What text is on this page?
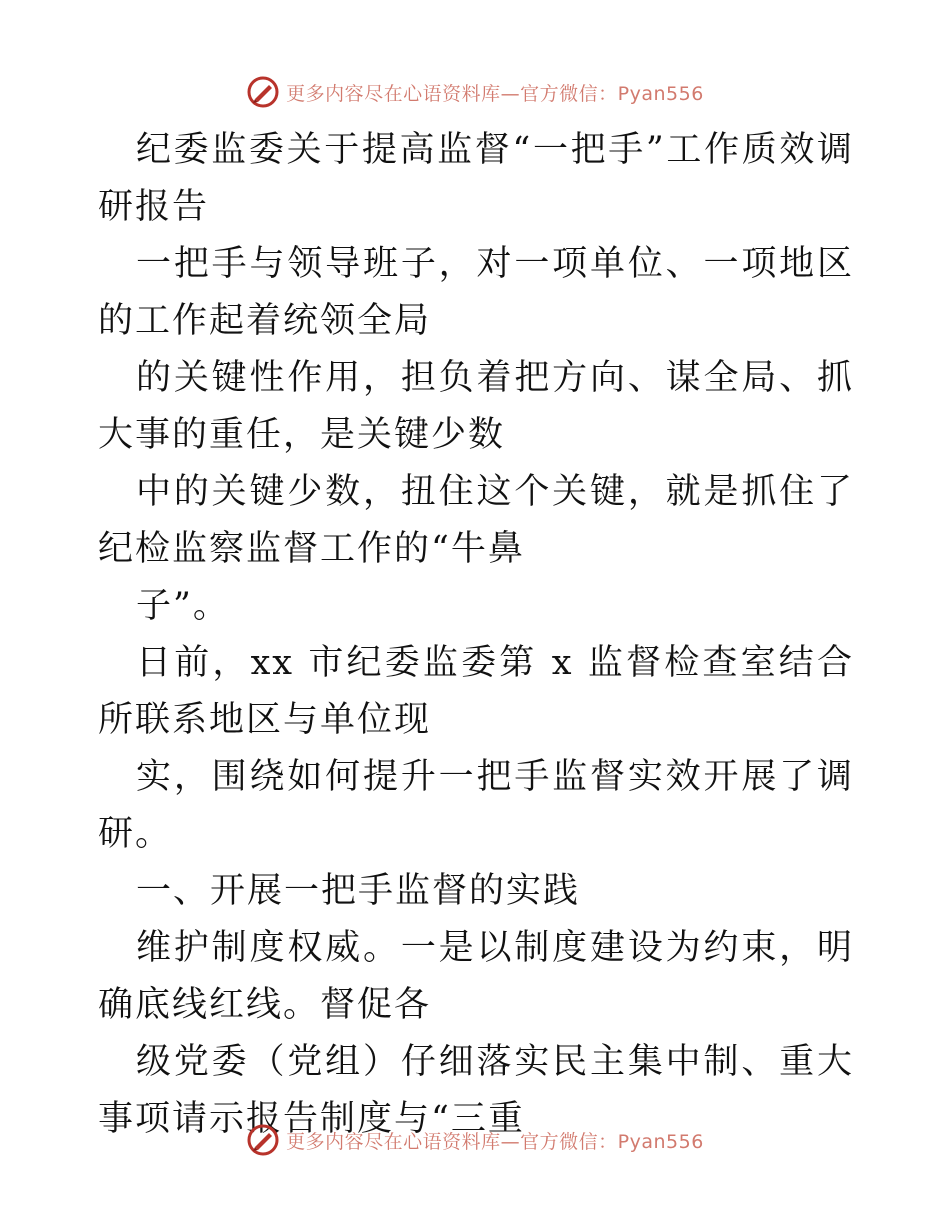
更多内容尽在心语资料库—官方微信：Pyan556

纪委监委关于提高监督“一把手”工作质效调研报告

一把手与领导班子，对一项单位、一项地区的工作起着统领全局

的关键性作用，担负着把方向、谋全局、抓大事的重任，是关键少数

中的关键少数，扭住这个关键，就是抓住了纪检监察监督工作的“牛鼻

子”。

日前，xx 市纪委监委第 x 监督检查室结合所联系地区与单位现

实，围绕如何提升一把手监督实效开展了调研。

一、开展一把手监督的实践

维护制度权威。一是以制度建设为约束，明确底线红线。督促各

级党委（党组）仔细落实民主集中制、重大事项请示报告制度与“三重

更多内容尽在心语资料库—官方微信：Pyan556
